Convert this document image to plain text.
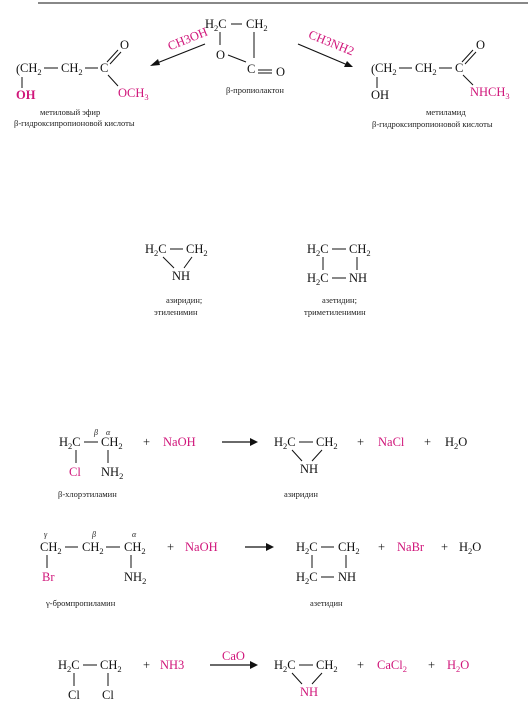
$H_2C$ $CH_2$
O
C O
β-пропиолактон
CH3OH	CH3NH2
( $CH_2$ $CH_2$ C
O
$OCH_3$
OH
метиловый эфир
β-гидроксипропионовой кислоты
( $CH_2$ $CH_2$ C
O
$NHCH_3$
OH
метиламид
β-гидроксипропионовой кислоты
$H_2C$ $CH_2$
NH
азиридин;
этиленимин
$H_2C$ $CH_2$
$H_2C$ NH
азетидин;
триметиленимин
β α
$H_2C$ $CH_2$
Cl $NH_2$
+ NaOH	$H_2C$ $CH_2$
NH
+ NaCl + $H_2O$
β-хлорэтиламин	азиридин
γ	β	α
$CH_2$ $CH_2$ $CH_2$
Br	$NH_2$
+ NaOH	$H_2C$ $CH_2$
$H_2C$ NH
+ NaBr + $H_2O$
γ-бромпропиламин	азетидин
$H_2C$ $CH_2$
Cl Cl
+ NH3
CaO
$H_2C$ $CH_2$
NH
+ CaCl$_2$ + $H_2O$
